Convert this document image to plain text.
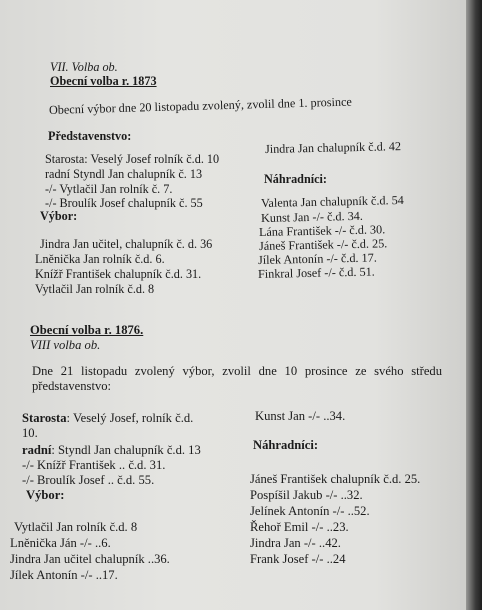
VII. Volba ob.
Obecní volba r. 1873
Obecní výbor dne 20 listopadu zvolený, zvolil dne 1. prosince
Představenstvo:
Starosta: Veselý Josef rolník č.d. 10
radní Styndl Jan chalupník č. 13
-/- Vytlačil Jan rolník č. 7.
-/- Broulík Josef chalupník č. 55
Výbor:
Jindra Jan učitel, chalupník č. d. 36
Lněnička Jan rolník č.d. 6.
Knížř František chalupník č.d. 31.
Vytlačil Jan rolník č.d. 8
Jindra Jan chalupník č.d. 42
Náhradníci:
Valenta Jan chalupník č.d. 54
Kunst Jan -/- č.d. 34.
Lána František -/- č.d. 30.
Jáneš František -/- č.d. 25.
Jílek Antonín -/- č.d. 17.
Finkral Josef -/- č.d. 51.
Obecní volba r. 1876.
VIII volba ob.
Dne 21 listopadu zvolený výbor, zvolil dne 10 prosince ze svého středu představenstvo:
Starosta: Veselý Josef, rolník č.d.
10.
radní: Styndl Jan chalupník č.d. 13
-/- Knížř František .. č.d. 31.
-/- Broulík Josef .. č.d. 55.
Výbor:
Vytlačil Jan rolník č.d. 8
Lněnička Ján -/- ..6.
Jindra Jan učitel chalupník ..36.
Jílek Antonín -/- ..17.
Kunst Jan -/- ..34.
Náhradníci:
Jáneš František chalupník č.d. 25.
Pospíšil Jakub -/- ..32.
Jelínek Antonín -/- ..52.
Řehoř Emil -/- ..23.
Jindra Jan -/- ..42.
Frank Josef -/- ..24
